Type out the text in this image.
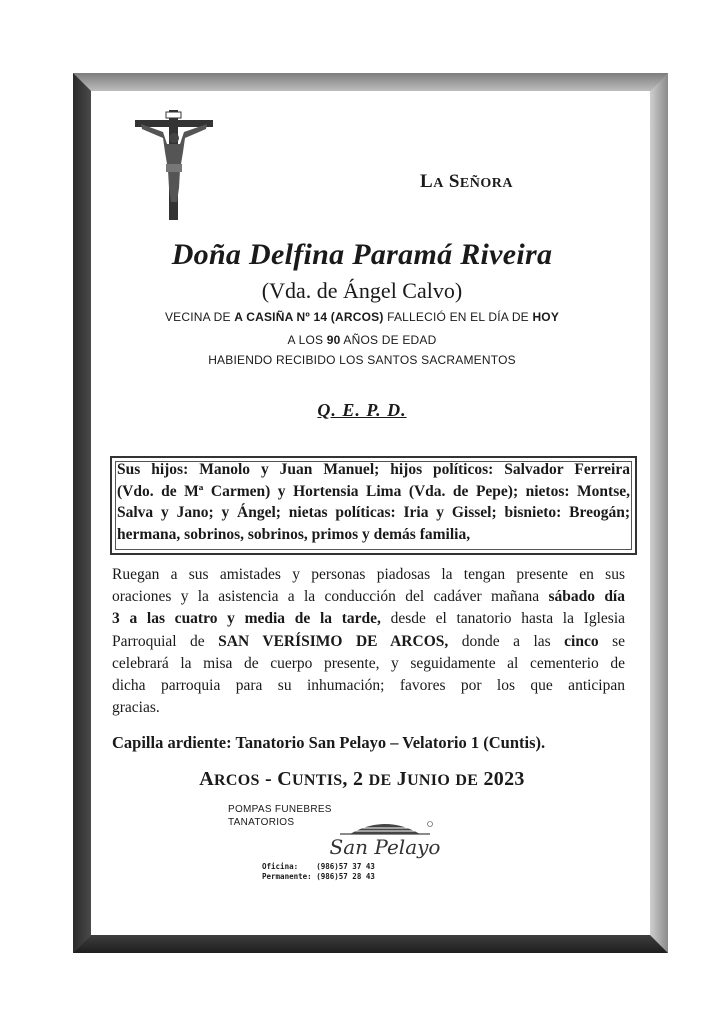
LA SEÑORA
Doña Delfina Paramá Riveira
(Vda. de Ángel Calvo)
VECINA DE A CASIÑA Nº 14 (ARCOS) FALLECIÓ EN EL DÍA DE HOY
A LOS 90 AÑOS DE EDAD
HABIENDO RECIBIDO LOS SANTOS SACRAMENTOS
Q. E. P. D.
Sus hijos: Manolo y Juan Manuel; hijos políticos: Salvador Ferreira
(Vdo. de Mª Carmen) y Hortensia Lima (Vda. de Pepe); nietos: Montse,
Salva y Jano; y Ángel; nietas políticas: Iria y Gissel; bisnieto: Breogán;
hermana, sobrinos, sobrinos, primos y demás familia,
Ruegan a sus amistades y personas piadosas la tengan presente en sus
oraciones y la asistencia a la conducción del cadáver mañana sábado día
3 a las cuatro y media de la tarde, desde el tanatorio hasta la Iglesia
Parroquial de SAN VERÍSIMO DE ARCOS, donde a las cinco se
celebrará la misa de cuerpo presente, y seguidamente al cementerio de
dicha parroquia para su inhumación; favores por los que anticipan
gracias.
Capilla ardiente: Tanatorio San Pelayo – Velatorio 1 (Cuntis).
ARCOS - CUNTIS, 2 DE JUNIO DE 2023
POMPAS FUNEBRES
TANATORIOS
San Pelayo
Oficina: (986)57 37 43
Permanente: (986)57 28 43
